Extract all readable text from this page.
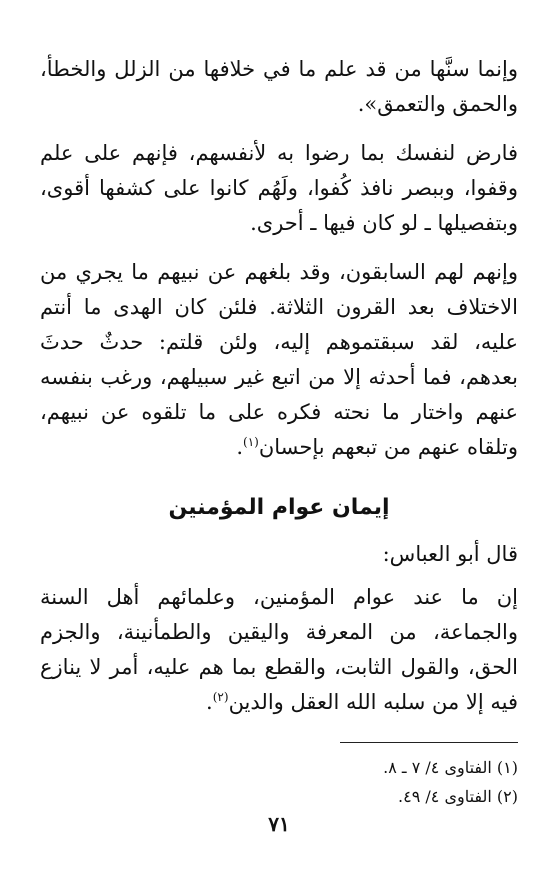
وإنما سنَّها من قد علم ما في خلافها من الزلل والخطأ، والحمق والتعمق».

فارض لنفسك بما رضوا به لأنفسهم، فإنهم على علم وقفوا، وببصر نافذ كُفوا، ولَهُم كانوا على كشفها أقوى، وبتفصيلها ـ لو كان فيها ـ أحرى.

وإنهم لهم السابقون، وقد بلغهم عن نبيهم ما يجري من الاختلاف بعد القرون الثلاثة. فلئن كان الهدى ما أنتم عليه، لقد سبقتموهم إليه، ولئن قلتم: حدثٌ حدثَ بعدهم، فما أحدثه إلا من اتبع غير سبيلهم، ورغب بنفسه عنهم واختار ما نحته فكره على ما تلقوه عن نبيهم، وتلقاه عنهم من تبعهم بإحسان$^{(١)}$.

إيمان عوام المؤمنين

قال أبو العباس:

إن ما عند عوام المؤمنين، وعلمائهم أهل السنة والجماعة، من المعرفة واليقين والطمأنينة، والجزم الحق، والقول الثابت، والقطع بما هم عليه، أمر لا ينازع فيه إلا من سلبه الله العقل والدين$^{(٢)}$.

(١) الفتاوى ٤/ ٧ ـ ٨.

(٢) الفتاوى ٤/ ٤٩.

٧١
